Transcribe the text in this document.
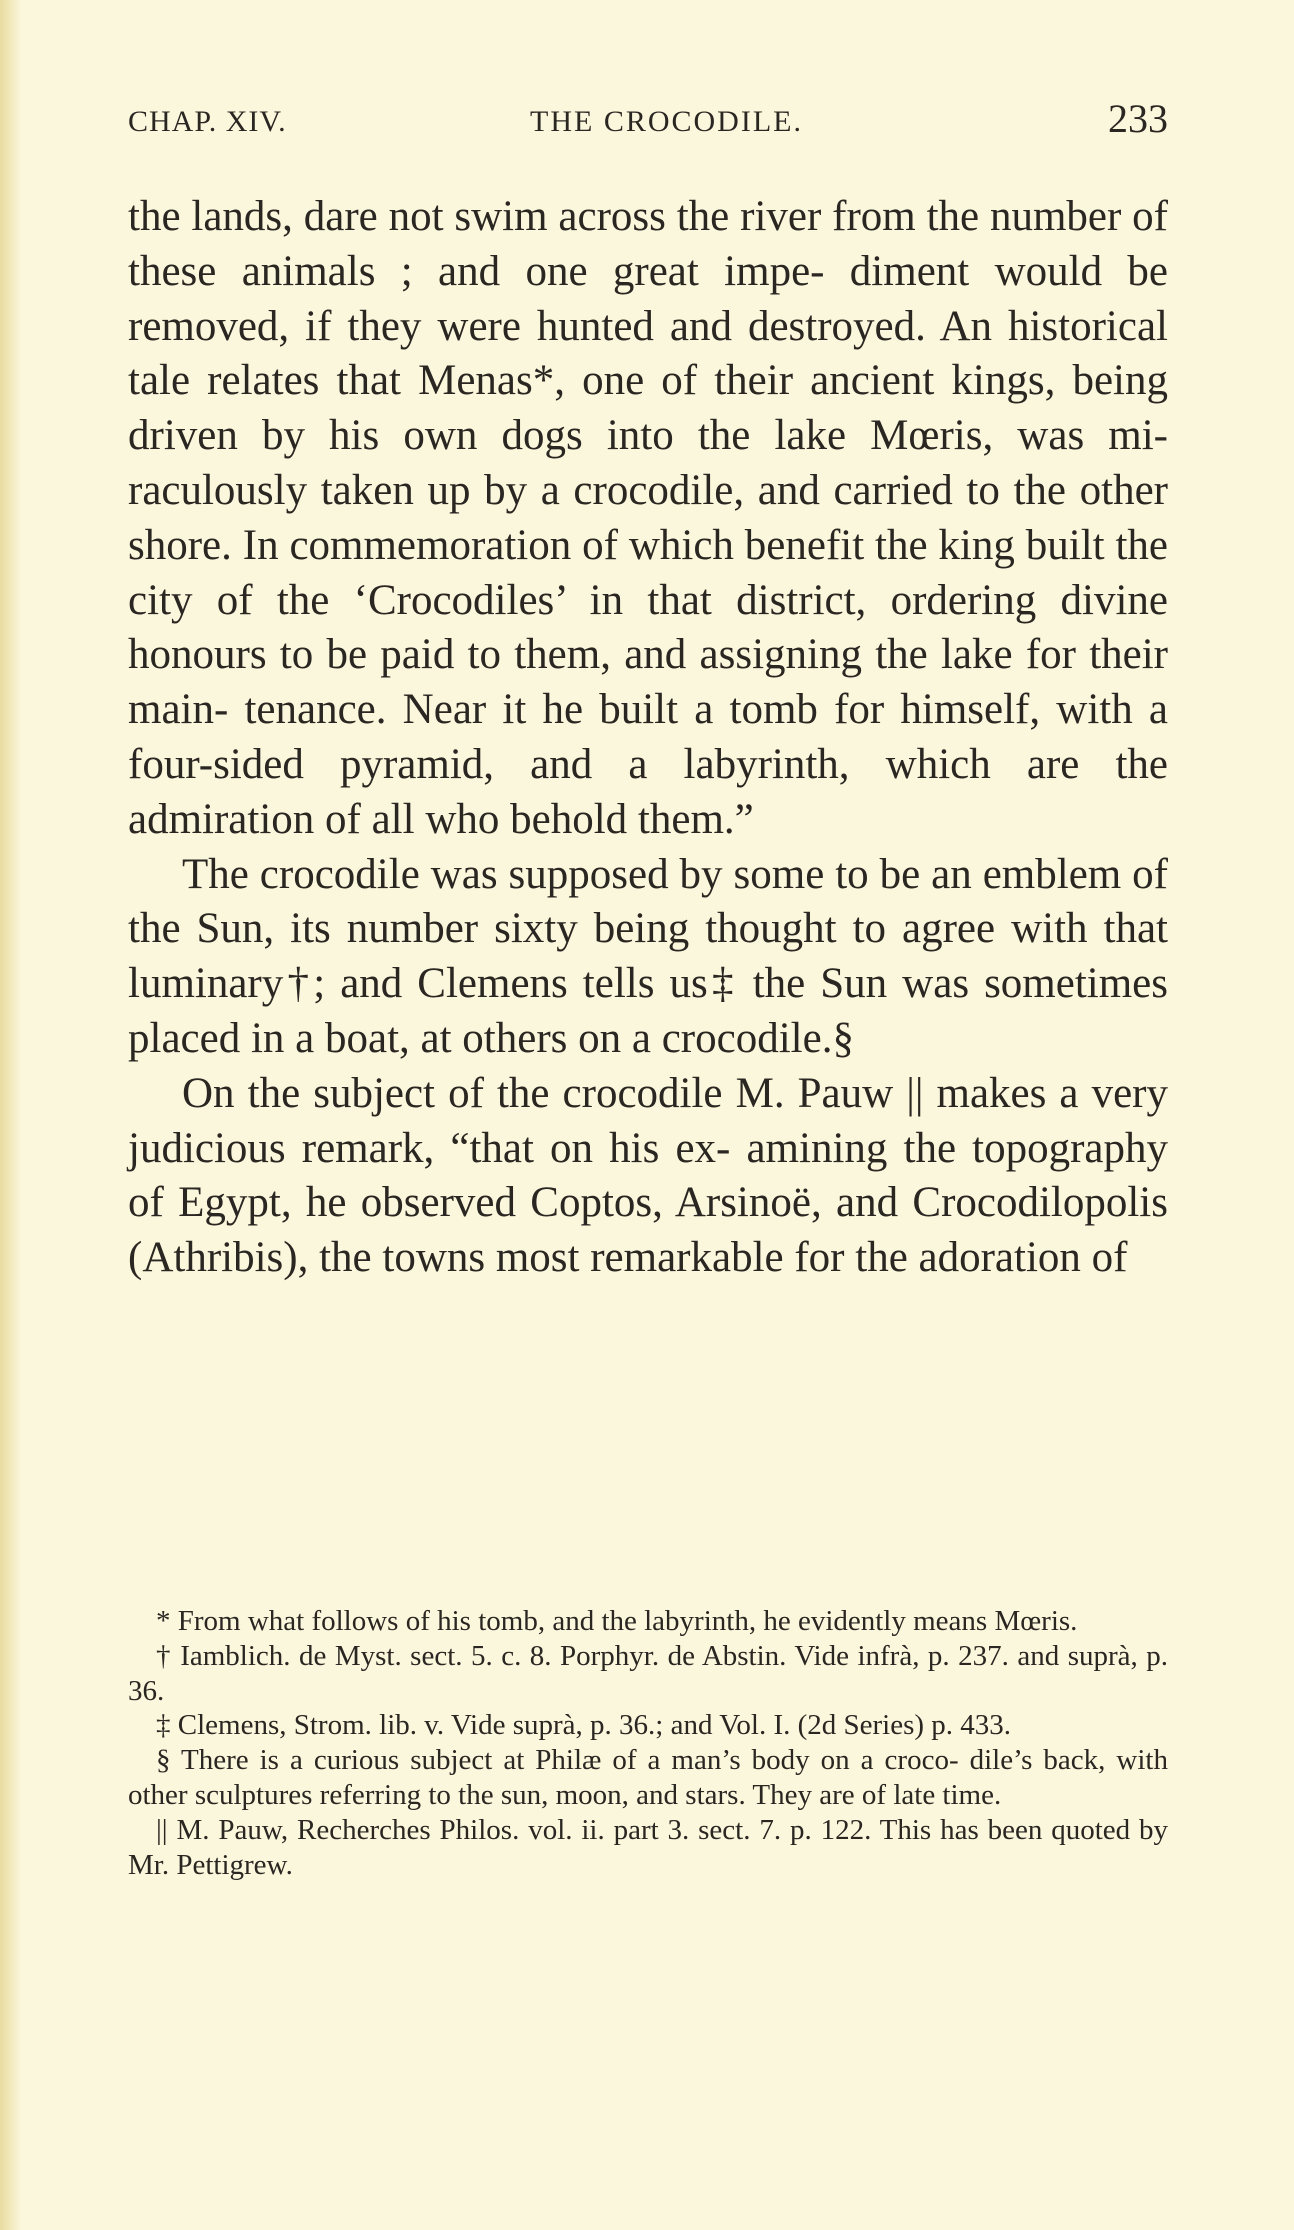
CHAP. XIV.	THE CROCODILE.	233

the lands, dare not swim across the river from the number of these animals ; and one great impe- diment would be removed, if they were hunted and destroyed. An historical tale relates that Menas*, one of their ancient kings, being driven by his own dogs into the lake Mœris, was mi- raculously taken up by a crocodile, and carried to the other shore. In commemoration of which benefit the king built the city of the ‘Crocodiles’ in that district, ordering divine honours to be paid to them, and assigning the lake for their main- tenance. Near it he built a tomb for himself, with a four-sided pyramid, and a labyrinth, which are the admiration of all who behold them.”

The crocodile was supposed by some to be an emblem of the Sun, its number sixty being thought to agree with that luminary†; and Clemens tells us‡ the Sun was sometimes placed in a boat, at others on a crocodile.§

On the subject of the crocodile M. Pauw || makes a very judicious remark, “that on his ex- amining the topography of Egypt, he observed Coptos, Arsinoë, and Crocodilopolis (Athribis), the towns most remarkable for the adoration of

* From what follows of his tomb, and the labyrinth, he evidently means Mœris.

† Iamblich. de Myst. sect. 5. c. 8. Porphyr. de Abstin. Vide infrà, p. 237. and suprà, p. 36.

‡ Clemens, Strom. lib. v. Vide suprà, p. 36.; and Vol. I. (2d Series) p. 433.

§ There is a curious subject at Philæ of a man’s body on a croco- dile’s back, with other sculptures referring to the sun, moon, and stars. They are of late time.

|| M. Pauw, Recherches Philos. vol. ii. part 3. sect. 7. p. 122. This has been quoted by Mr. Pettigrew.
